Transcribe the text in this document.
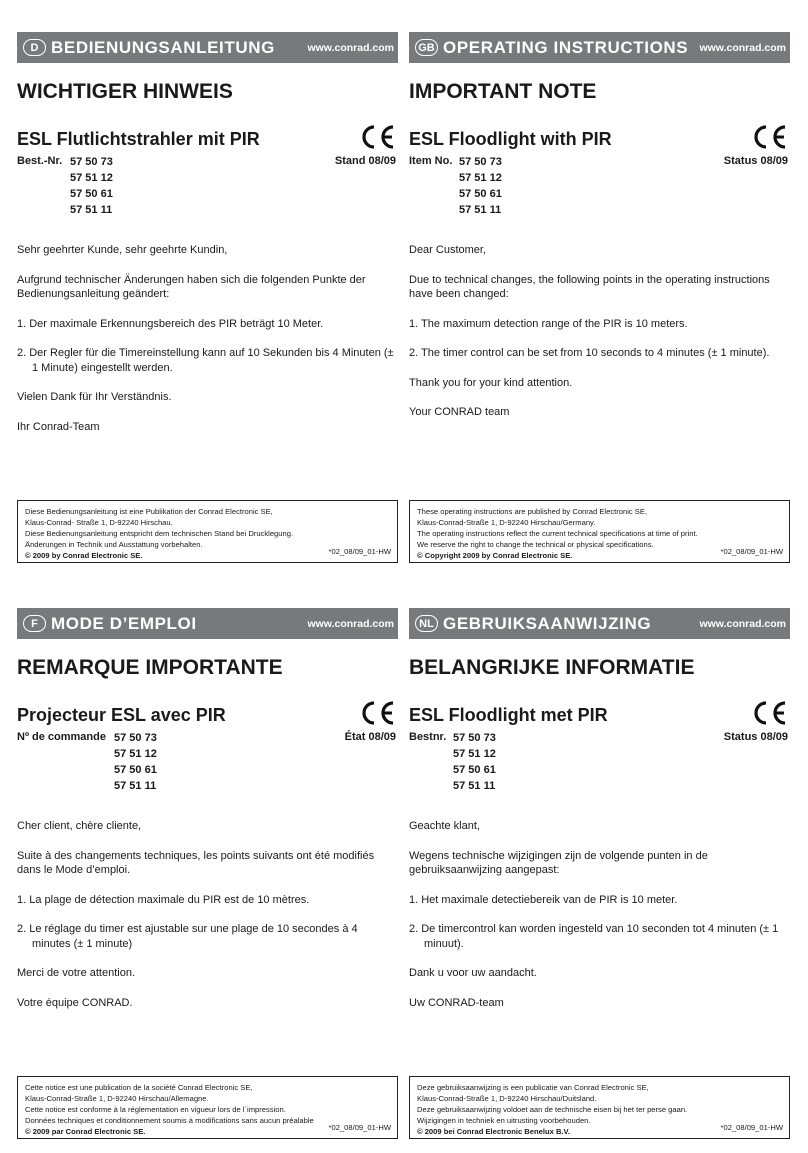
D BEDIENUNGSANLEITUNG	www.conrad.com
WICHTIGER HINWEIS
ESL Flutlichtstrahler mit PIR
Best.-Nr. 57 50 73
57 51 12
57 50 61
57 51 11
Stand 08/09

Sehr geehrter Kunde, sehr geehrte Kundin,

Aufgrund technischer Änderungen haben sich die folgenden Punkte der Bedienungsanleitung geändert:

1. Der maximale Erkennungsbereich des PIR beträgt 10 Meter.
2. Der Regler für die Timereinstellung kann auf 10 Sekunden bis 4 Minuten (± 1 Minute) eingestellt werden.

Vielen Dank für Ihr Verständnis.

Ihr Conrad-Team

Diese Bedienungsanleitung ist eine Publikation der Conrad Electronic SE,
Klaus-Conrad- Straße 1, D-92240 Hirschau.
Diese Bedienungsanleitung entspricht dem technischen Stand bei Drucklegung.
Änderungen in Technik und Ausstattung vorbehalten.
© 2009 by Conrad Electronic SE.	*02_08/09_01-HW
GB OPERATING INSTRUCTIONS www.conrad.com
IMPORTANT NOTE
ESL Floodlight with PIR
Item No. 57 50 73
57 51 12
57 50 61
57 51 11
Status 08/09

Dear Customer,

Due to technical changes, the following points in the operating instructions have been changed:

1. The maximum detection range of the PIR is 10 meters.
2. The timer control can be set from 10 seconds to 4 minutes (± 1 minute).

Thank you for your kind attention.

Your CONRAD team

These operating instructions are published by Conrad Electronic SE,
Klaus-Conrad-Straße 1, D-92240 Hirschau/Germany.
The operating instructions reflect the current technical specifications at time of print.
We reserve the right to change the technical or physical specifications.
© Copyright 2009 by Conrad Electronic SE.	*02_08/09_01-HW
F MODE D’EMPLOI	www.conrad.com
REMARQUE IMPORTANTE
Projecteur ESL avec PIR
Nº de commande 57 50 73
57 51 12
57 50 61
57 51 11
État 08/09

Cher client, chère cliente,

Suite à des changements techniques, les points suivants ont été modifiés dans le Mode d’emploi.

1. La plage de détection maximale du PIR est de 10 mètres.
2. Le réglage du timer est ajustable sur une plage de 10 secondes à 4 minutes (± 1 minute)

Merci de votre attention.

Votre équipe CONRAD.

Cette notice est une publication de la société Conrad Electronic SE,
Klaus-Conrad-Straße 1, D-92240 Hirschau/Allemagne.
Cette notice est conforme à la réglementation en vigueur lors de l´impression.
Données techniques et conditionnement soumis à modifications sans aucun préalable
© 2009 par Conrad Electronic SE.	*02_08/09_01-HW
NL GEBRUIKSAANWIJZING	www.conrad.com
BELANGRIJKE INFORMATIE
ESL Floodlight met PIR
Bestnr. 57 50 73
57 51 12
57 50 61
57 51 11
Status 08/09

Geachte klant,

Wegens technische wijzigingen zijn de volgende punten in de gebruiksaanwijzing aangepast:

1. Het maximale detectiebereik van de PIR is 10 meter.
2. De timercontrol kan worden ingesteld van 10 seconden tot 4 minuten (± 1 minuut).

Dank u voor uw aandacht.

Uw CONRAD-team

Deze gebruiksaanwijzing is een publicatie van Conrad Electronic SE,
Klaus-Conrad-Straße 1, D-92240 Hirschau/Duitsland.
Deze gebruiksaanwijzing voldoet aan de technische eisen bij het ter perse gaan.
Wijzigingen in techniek en uitrusting voorbehouden.
© 2009 bei Conrad Electronic Benelux B.V.	*02_08/09_01-HW
